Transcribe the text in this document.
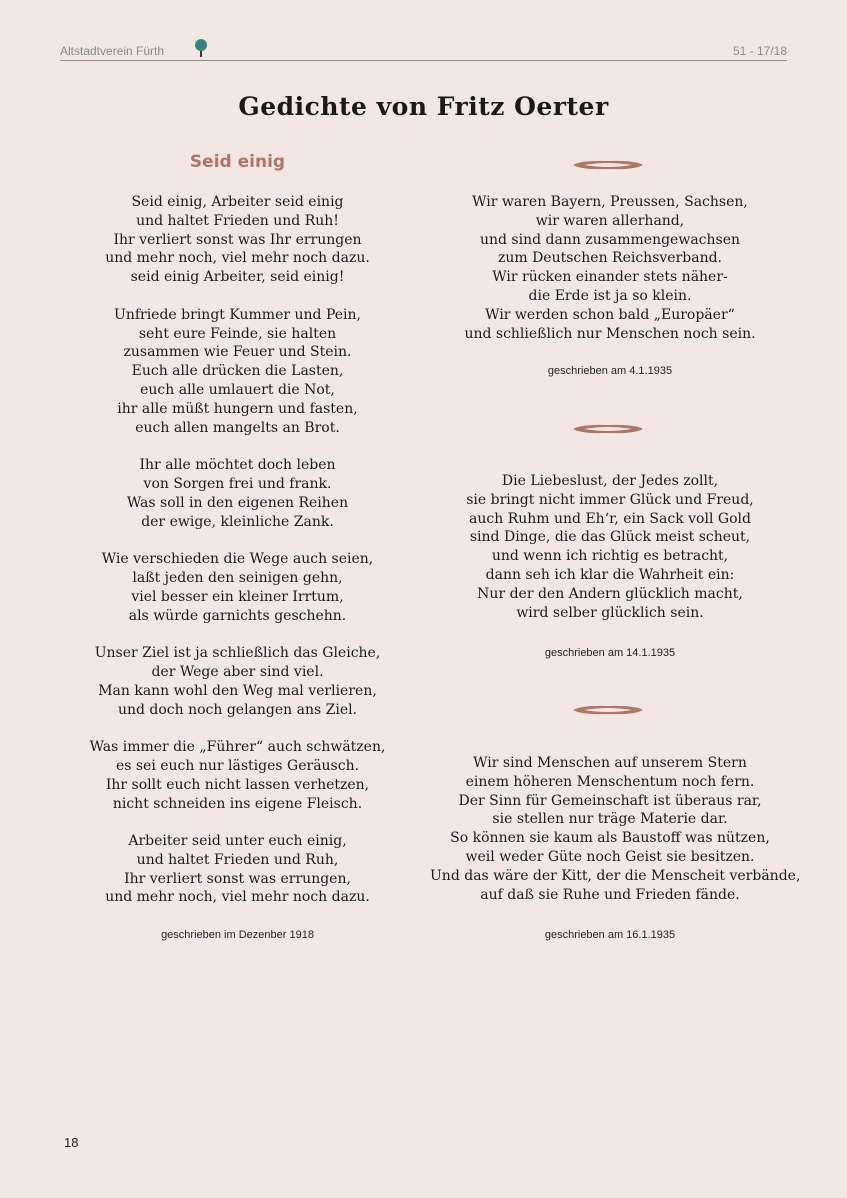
Altstadtverein Fürth	51 - 17/18
Gedichte von Fritz Oerter
Seid einig
Seid einig, Arbeiter seid einig
und haltet Frieden und Ruh!
Ihr verliert sonst was Ihr errungen
und mehr noch, viel mehr noch dazu.
seid einig Arbeiter, seid einig!
Unfriede bringt Kummer und Pein,
seht eure Feinde, sie halten
zusammen wie Feuer und Stein.
Euch alle drücken die Lasten,
euch alle umlauert die Not,
ihr alle müßt hungern und fasten,
euch allen mangelts an Brot.
Ihr alle möchtet doch leben
von Sorgen frei und frank.
Was soll in den eigenen Reihen
der ewige, kleinliche Zank.
Wie verschieden die Wege auch seien,
laßt jeden den seinigen gehn,
viel besser ein kleiner Irrtum,
als würde garnichts geschehn.
Unser Ziel ist ja schließlich das Gleiche,
der Wege aber sind viel.
Man kann wohl den Weg mal verlieren,
und doch noch gelangen ans Ziel.
Was immer die „Führer“ auch schwätzen,
es sei euch nur lästiges Geräusch.
Ihr sollt euch nicht lassen verhetzen,
nicht schneiden ins eigene Fleisch.
Arbeiter seid unter euch einig,
und haltet Frieden und Ruh,
Ihr verliert sonst was errungen,
und mehr noch, viel mehr noch dazu.
geschrieben im Dezenber 1918
Wir waren Bayern, Preussen, Sachsen,
wir waren allerhand,
und sind dann zusammengewachsen
zum Deutschen Reichsverband.
Wir rücken einander stets näher-
die Erde ist ja so klein.
Wir werden schon bald „Europäer“
und schließlich nur Menschen noch sein.
geschrieben am 4.1.1935
Die Liebeslust, der Jedes zollt,
sie bringt nicht immer Glück und Freud,
auch Ruhm und Eh‘r, ein Sack voll Gold
sind Dinge, die das Glück meist scheut,
und wenn ich richtig es betracht,
dann seh ich klar die Wahrheit ein:
Nur der den Andern glücklich macht,
wird selber glücklich sein.
geschrieben am 14.1.1935
Wir sind Menschen auf unserem Stern
einem höheren Menschentum noch fern.
Der Sinn für Gemeinschaft ist überaus rar,
sie stellen nur träge Materie dar.
So können sie kaum als Baustoff was nützen,
weil weder Güte noch Geist sie besitzen.
Und das wäre der Kitt, der die Menscheit verbände,
auf daß sie Ruhe und Frieden fände.
geschrieben am 16.1.1935
18
